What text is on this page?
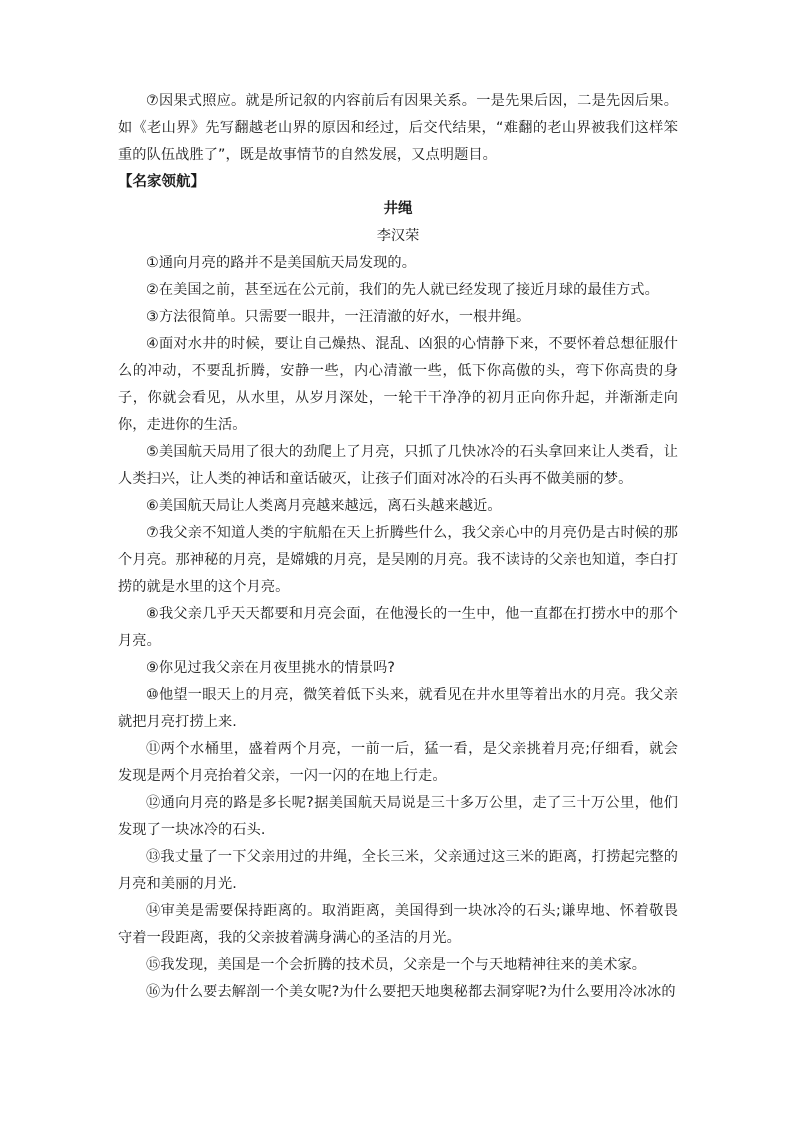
⑦因果式照应。就是所记叙的内容前后有因果关系。一是先果后因，二是先因后果。如《老山界》先写翻越老山界的原因和经过，后交代结果，“难翻的老山界被我们这样笨重的队伍战胜了”，既是故事情节的自然发展，又点明题目。

【名家领航】

井绳

李汉荣

①通向月亮的路并不是美国航天局发现的。

②在美国之前，甚至远在公元前，我们的先人就已经发现了接近月球的最佳方式。

③方法很简单。只需要一眼井，一汪清澈的好水，一根井绳。

④面对水井的时候，要让自己燥热、混乱、凶狠的心情静下来，不要怀着总想征服什么的冲动，不要乱折腾，安静一些，内心清澈一些，低下你高傲的头，弯下你高贵的身子，你就会看见，从水里，从岁月深处，一轮干干净净的初月正向你升起，并渐渐走向你，走进你的生活。

⑤美国航天局用了很大的劲爬上了月亮，只抓了几快冰冷的石头拿回来让人类看，让人类扫兴，让人类的神话和童话破灭，让孩子们面对冰冷的石头再不做美丽的梦。

⑥美国航天局让人类离月亮越来越远，离石头越来越近。

⑦我父亲不知道人类的宇航船在天上折腾些什么，我父亲心中的月亮仍是古时候的那个月亮。那神秘的月亮，是嫦娥的月亮，是吴刚的月亮。我不读诗的父亲也知道，李白打捞的就是水里的这个月亮。

⑧我父亲几乎天天都要和月亮会面，在他漫长的一生中，他一直都在打捞水中的那个月亮。

⑨你见过我父亲在月夜里挑水的情景吗?

⑩他望一眼天上的月亮，微笑着低下头来，就看见在井水里等着出水的月亮。我父亲就把月亮打捞上来.

⑪两个水桶里，盛着两个月亮，一前一后，猛一看，是父亲挑着月亮;仔细看，就会发现是两个月亮抬着父亲，一闪一闪的在地上行走。

⑫通向月亮的路是多长呢?据美国航天局说是三十多万公里，走了三十万公里，他们发现了一块冰冷的石头.

⑬我丈量了一下父亲用过的井绳，全长三米，父亲通过这三米的距离，打捞起完整的月亮和美丽的月光.

⑭审美是需要保持距离的。取消距离，美国得到一块冰冷的石头;谦卑地、怀着敬畏守着一段距离，我的父亲披着满身满心的圣洁的月光。

⑮我发现，美国是一个会折腾的技术员，父亲是一个与天地精神往来的美术家。

⑯为什么要去解剖一个美女呢?为什么要把天地奥秘都去洞穿呢?为什么要用冷冰冰的
